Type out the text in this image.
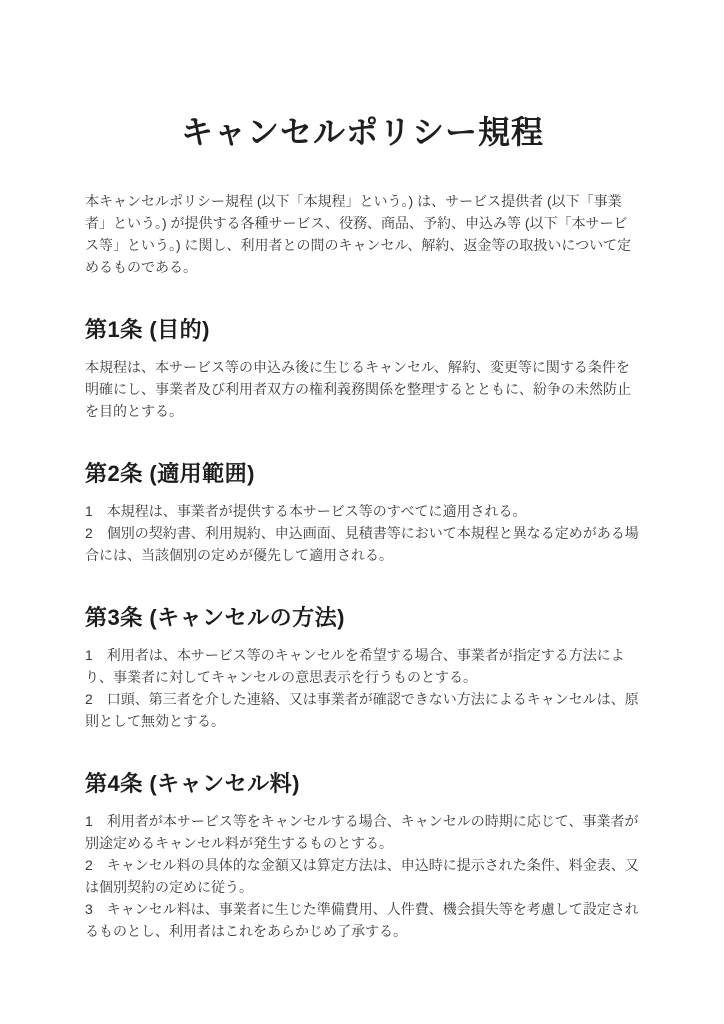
キャンセルポリシー規程

本キャンセルポリシー規程 (以下「本規程」という。) は、サービス提供者 (以下「事業者」という。) が提供する各種サービス、役務、商品、予約、申込み等 (以下「本サービス等」という。) に関し、利用者との間のキャンセル、解約、返金等の取扱いについて定めるものである。

第1条 (目的)

本規程は、本サービス等の申込み後に生じるキャンセル、解約、変更等に関する条件を明確にし、事業者及び利用者双方の権利義務関係を整理するとともに、紛争の未然防止を目的とする。

第2条 (適用範囲)

1　本規程は、事業者が提供する本サービス等のすべてに適用される。

2　個別の契約書、利用規約、申込画面、見積書等において本規程と異なる定めがある場合には、当該個別の定めが優先して適用される。

第3条 (キャンセルの方法)

1　利用者は、本サービス等のキャンセルを希望する場合、事業者が指定する方法により、事業者に対してキャンセルの意思表示を行うものとする。

2　口頭、第三者を介した連絡、又は事業者が確認できない方法によるキャンセルは、原則として無効とする。

第4条 (キャンセル料)

1　利用者が本サービス等をキャンセルする場合、キャンセルの時期に応じて、事業者が別途定めるキャンセル料が発生するものとする。

2　キャンセル料の具体的な金額又は算定方法は、申込時に提示された条件、料金表、又は個別契約の定めに従う。

3　キャンセル料は、事業者に生じた準備費用、人件費、機会損失等を考慮して設定されるものとし、利用者はこれをあらかじめ了承する。
